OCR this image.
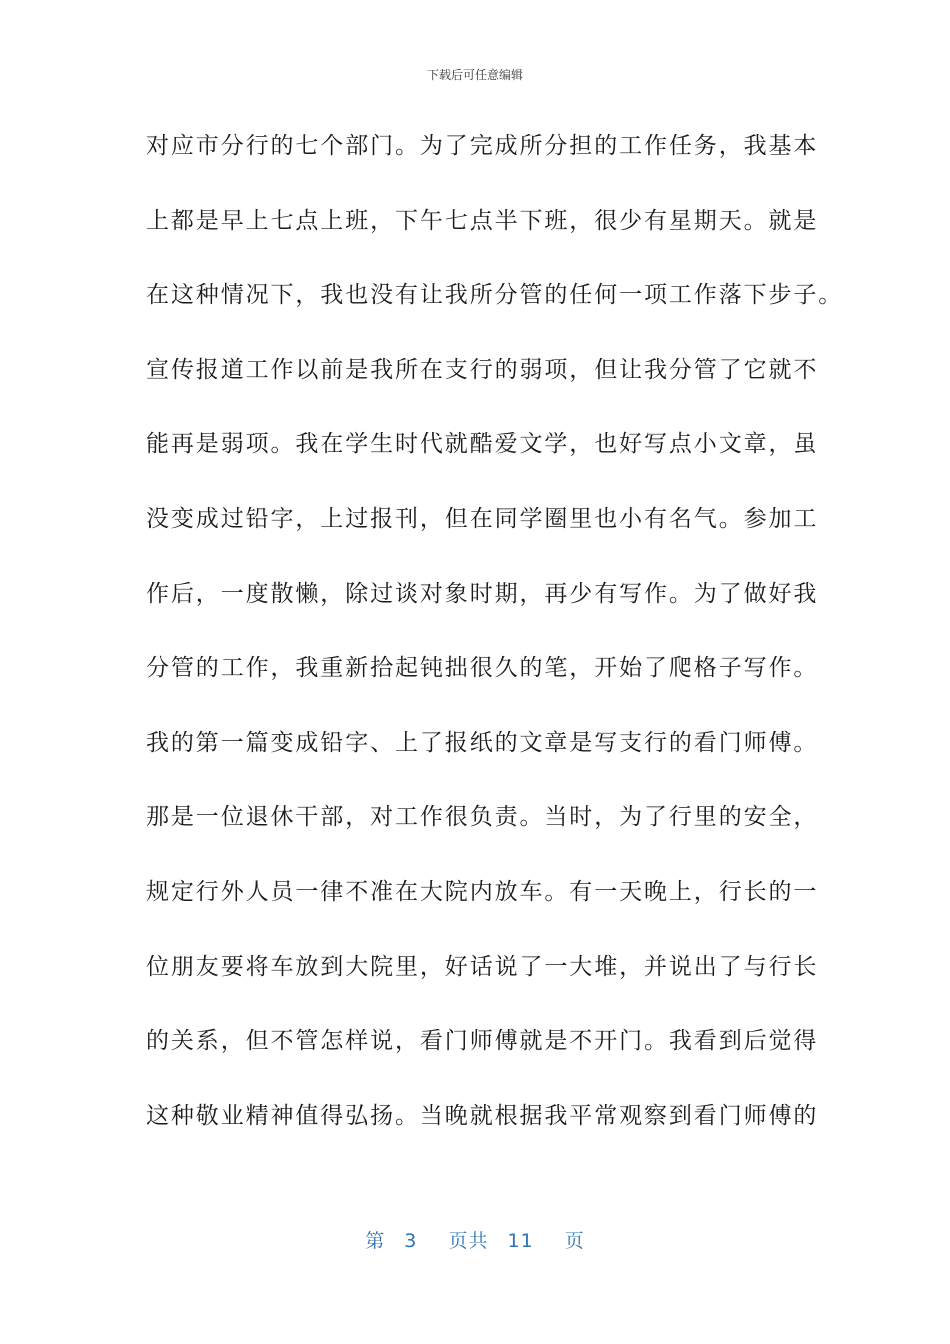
下载后可任意编辑
对应市分行的七个部门。为了完成所分担的工作任务，我基本
上都是早上七点上班，下午七点半下班，很少有星期天。就是
在这种情况下，我也没有让我所分管的任何一项工作落下步子。
宣传报道工作以前是我所在支行的弱项，但让我分管了它就不
能再是弱项。我在学生时代就酷爱文学，也好写点小文章，虽
没变成过铅字，上过报刊，但在同学圈里也小有名气。参加工
作后，一度散懒，除过谈对象时期，再少有写作。为了做好我
分管的工作，我重新拾起钝拙很久的笔，开始了爬格子写作。
我的第一篇变成铅字、上了报纸的文章是写支行的看门师傅。
那是一位退休干部，对工作很负责。当时，为了行里的安全，
规定行外人员一律不准在大院内放车。有一天晚上，行长的一
位朋友要将车放到大院里，好话说了一大堆，并说出了与行长
的关系，但不管怎样说，看门师傅就是不开门。我看到后觉得
这种敬业精神值得弘扬。当晚就根据我平常观察到看门师傅的
第 3 页共 11 页
